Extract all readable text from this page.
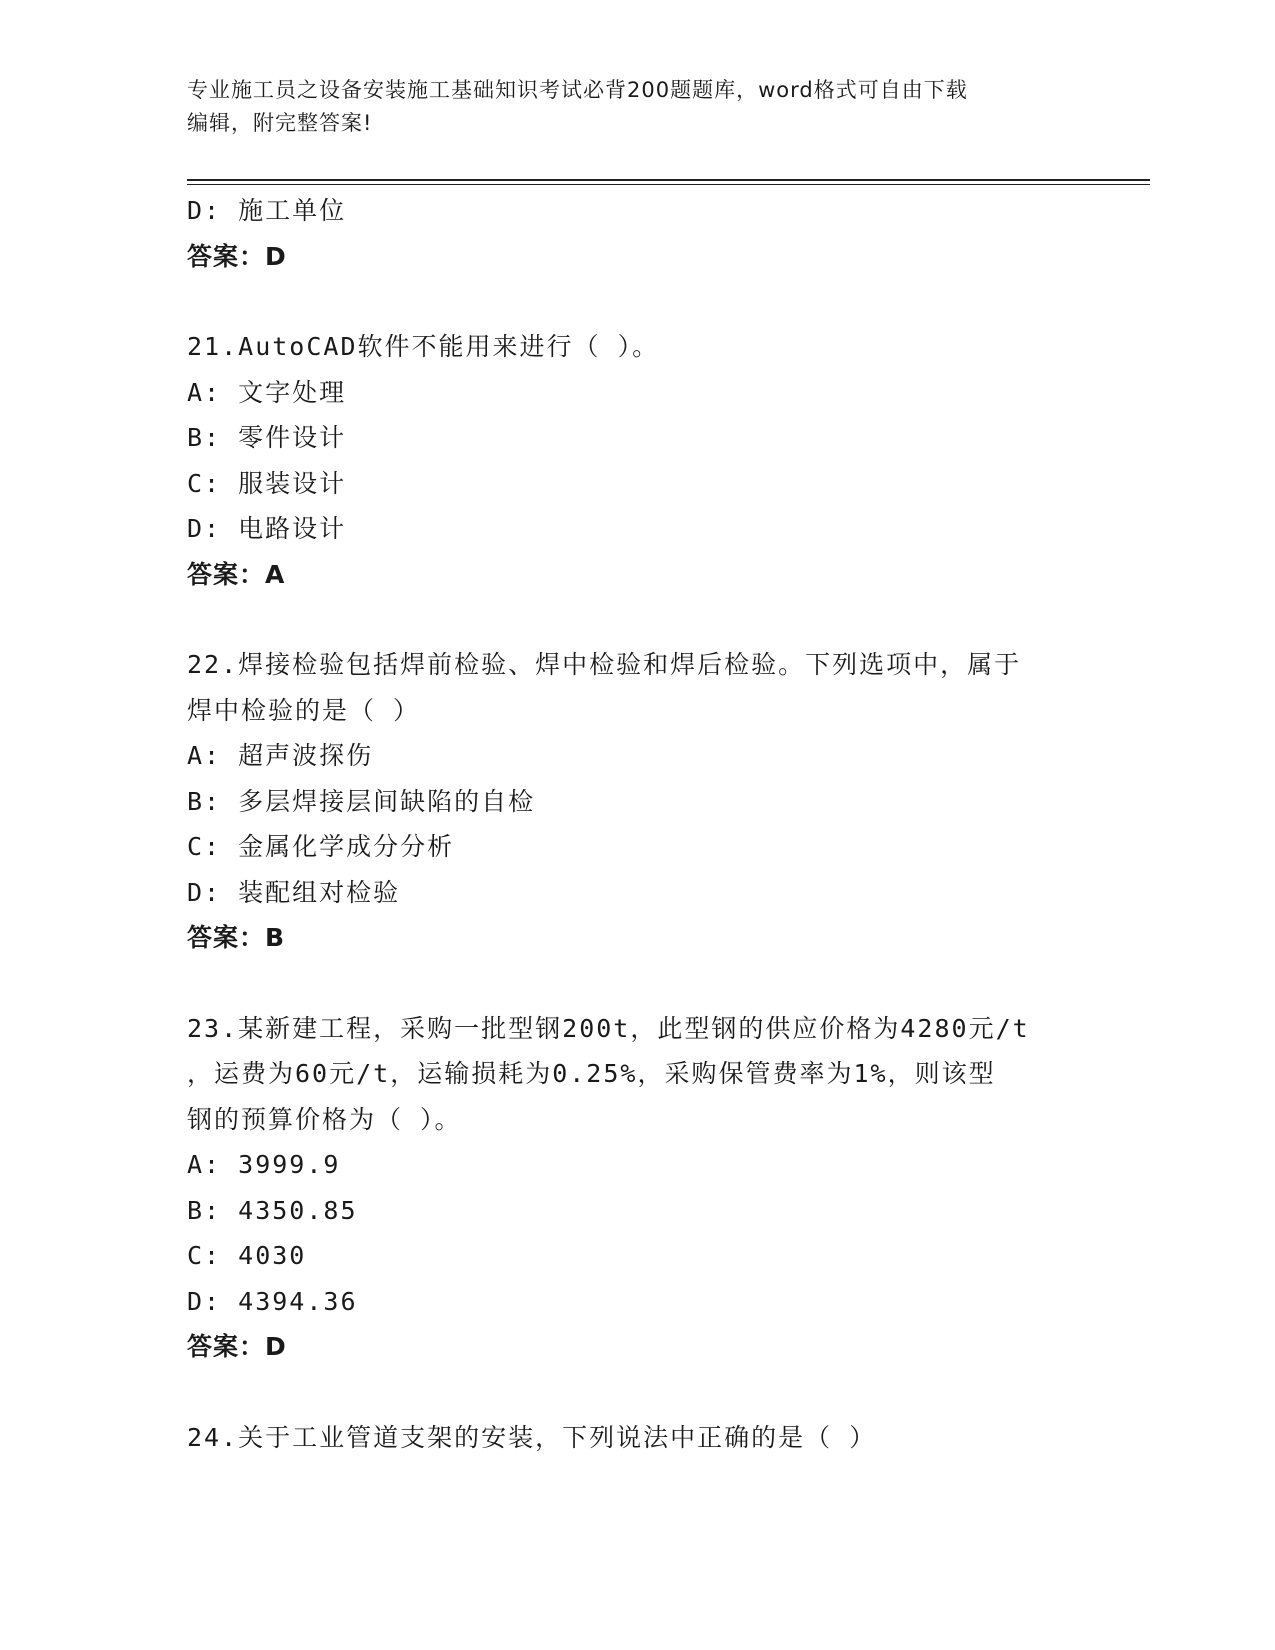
专业施工员之设备安装施工基础知识考试必背200题题库，word格式可自由下载
编辑，附完整答案!
D: 施工单位
答案：D
21.AutoCAD软件不能用来进行（ ）。
A: 文字处理
B: 零件设计
C: 服装设计
D: 电路设计
答案：A
22.焊接检验包括焊前检验、焊中检验和焊后检验。下列选项中，属于
焊中检验的是（ ）
A: 超声波探伤
B: 多层焊接层间缺陷的自检
C: 金属化学成分分析
D: 装配组对检验
答案：B
23.某新建工程，采购一批型钢200t，此型钢的供应价格为4280元/t
，运费为60元/t，运输损耗为0.25%，采购保管费率为1%，则该型
钢的预算价格为（ ）。
A: 3999.9
B: 4350.85
C: 4030
D: 4394.36
答案：D
24.关于工业管道支架的安装，下列说法中正确的是（ ）
